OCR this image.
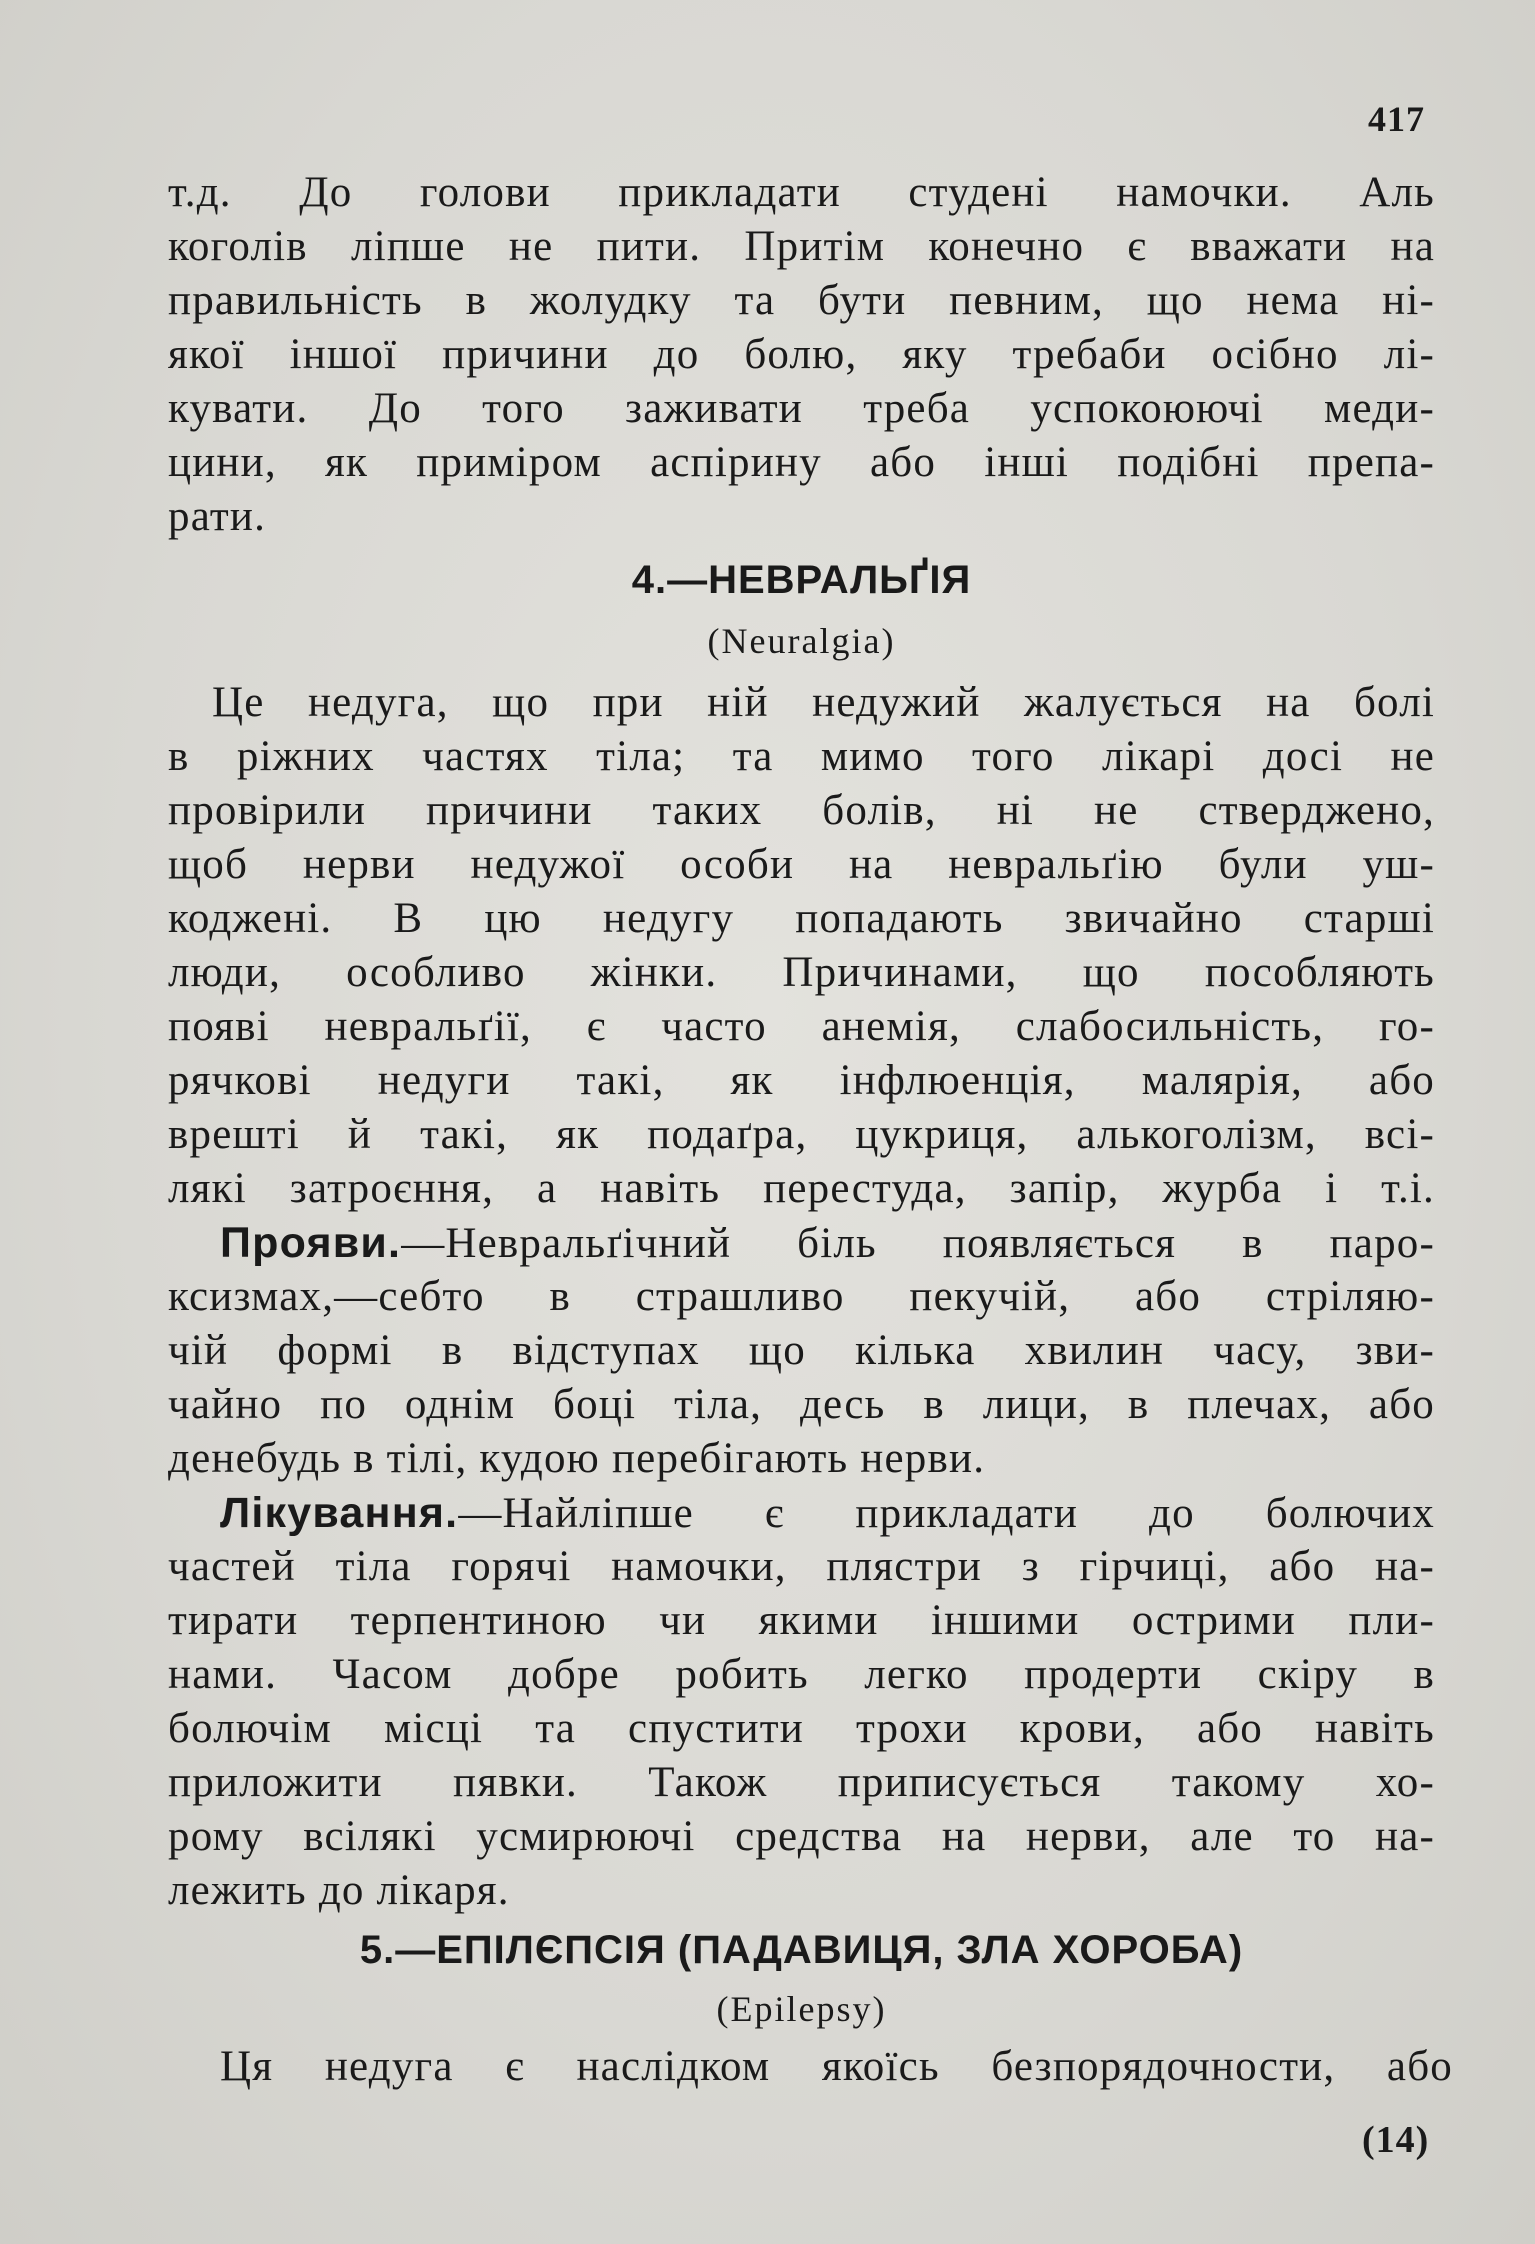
417
т.д. До голови прикладати студені намочки. Аль
коголів ліпше не пити. Притім конечно є вважати на
правильність в жолудку та бути певним, що нема ні-
якої іншої причини до болю, яку требаби осібно лі-
кувати. До того заживати треба успокоюючі меди-
цини, як приміром аспірину або інші подібні препа-
рати.
4.—НЕВРАЛЬҐІЯ
(Neuralgia)
Це недуга, що при ній недужий жалується на болі
в ріжних частях тіла; та мимо того лікарі досі не
провірили причини таких болів, ні не стверджено,
щоб нерви недужої особи на невральґію були уш-
коджені. В цю недугу попадають звичайно старші
люди, особливо жінки. Причинами, що пособляють
появі невральґії, є часто анемія, слабосильність, го-
рячкові недуги такі, як інфлюенція, малярія, або
врешті й такі, як подаґра, цукриця, алькоголізм, всі-
лякі затроєння, а навіть перестуда, запір, журба і т.і.
Прояви.—Невральґічний біль появляється в паро-
ксизмах,—себто в страшливо пекучій, або стріляю-
чій формі в відступах що кілька хвилин часу, зви-
чайно по однім боці тіла, десь в лици, в плечах, або
денебудь в тілі, кудою перебігають нерви.
Лікування.—Найліпше є прикладати до болючих
частей тіла горячі намочки, плястри з гірчиці, або на-
тирати терпентиною чи якими іншими острими пли-
нами. Часом добре робить легко продерти скіру в
болючім місці та спустити трохи крови, або навіть
приложити пявки. Також приписується такому хо-
рому всілякі усмирюючі средства на нерви, але то на-
лежить до лікаря.
5.—ЕПІЛЄПСІЯ (ПАДАВИЦЯ, ЗЛА ХОРОБА)
(Epilepsy)
Ця недуга є наслідком якоїсь безпорядочности, або
(14)
